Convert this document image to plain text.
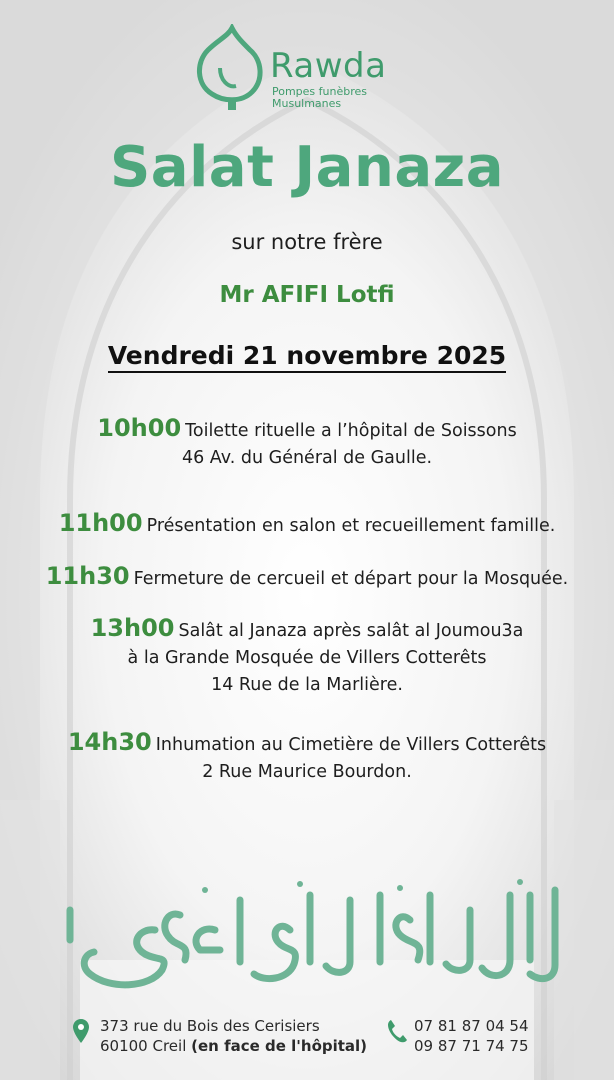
Rawda
Pompes funèbres
Musulmanes
Salat Janaza
sur notre frère
Mr AFIFI Lotfi
Vendredi 21 novembre 2025
10h00 Toilette rituelle a l’hôpital de Soissons
46 Av. du Général de Gaulle.
11h00 Présentation en salon et recueillement famille.
11h30 Fermeture de cercueil et départ pour la Mosquée.
13h00 Salât al Janaza après salât al Joumou3a
à la Grande Mosquée de Villers Cotterêts
14 Rue de la Marlière.
14h30 Inhumation au Cimetière de Villers Cotterêts
2 Rue Maurice Bourdon.
373 rue du Bois des Cerisiers
60100 Creil (en face de l'hôpital)
07 81 87 04 54
09 87 71 74 75
